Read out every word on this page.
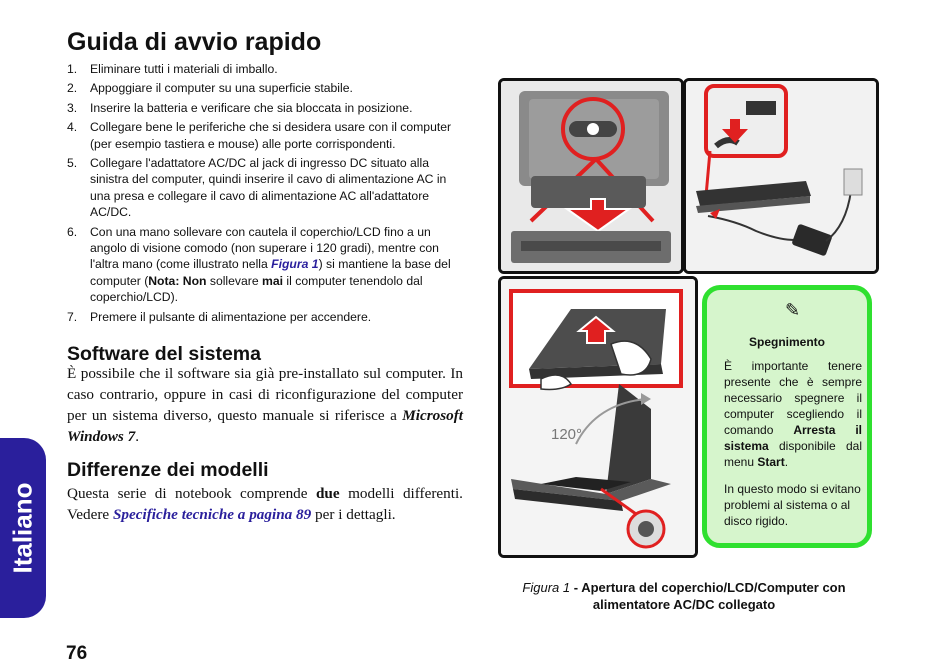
Italiano
Guida di avvio rapido
1. Eliminare tutti i materiali di imballo.
2. Appoggiare il computer su una superficie stabile.
3. Inserire la batteria e verificare che sia bloccata in posizione.
4. Collegare bene le periferiche che si desidera usare con il computer (per esempio tastiera e mouse) alle porte corrispondenti.
5. Collegare l'adattatore AC/DC al jack di ingresso DC situato alla sinistra del computer, quindi inserire il cavo di alimentazione AC in una presa e collegare il cavo di alimentazione AC all'adattatore AC/DC.
6. Con una mano sollevare con cautela il coperchio/LCD fino a un angolo di visione comodo (non superare i 120 gradi), mentre con l'altra mano (come illustrato nella Figura 1) si mantiene la base del computer (Nota: Non sollevare mai il computer tenendolo dal coperchio/LCD).
7. Premere il pulsante di alimentazione per accendere.
Software del sistema
È possibile che il software sia già pre-installato sul computer. In caso contrario, oppure in casi di riconfigurazione del computer per un sistema diverso, questo manuale si riferisce a Microsoft Windows 7.
Differenze dei modelli
Questa serie di notebook comprende due modelli differenti. Vedere Specifiche tecniche a pagina 89 per i dettagli.
76
120°
✎
Spegnimento
È importante tenere presente che è sempre necessario spegnere il computer scegliendo il comando Arresta il sistema disponibile dal menu Start.
In questo modo si evitano problemi al sistema o al disco rigido.
Figura 1 - Apertura del coperchio/LCD/Computer con alimentatore AC/DC collegato
